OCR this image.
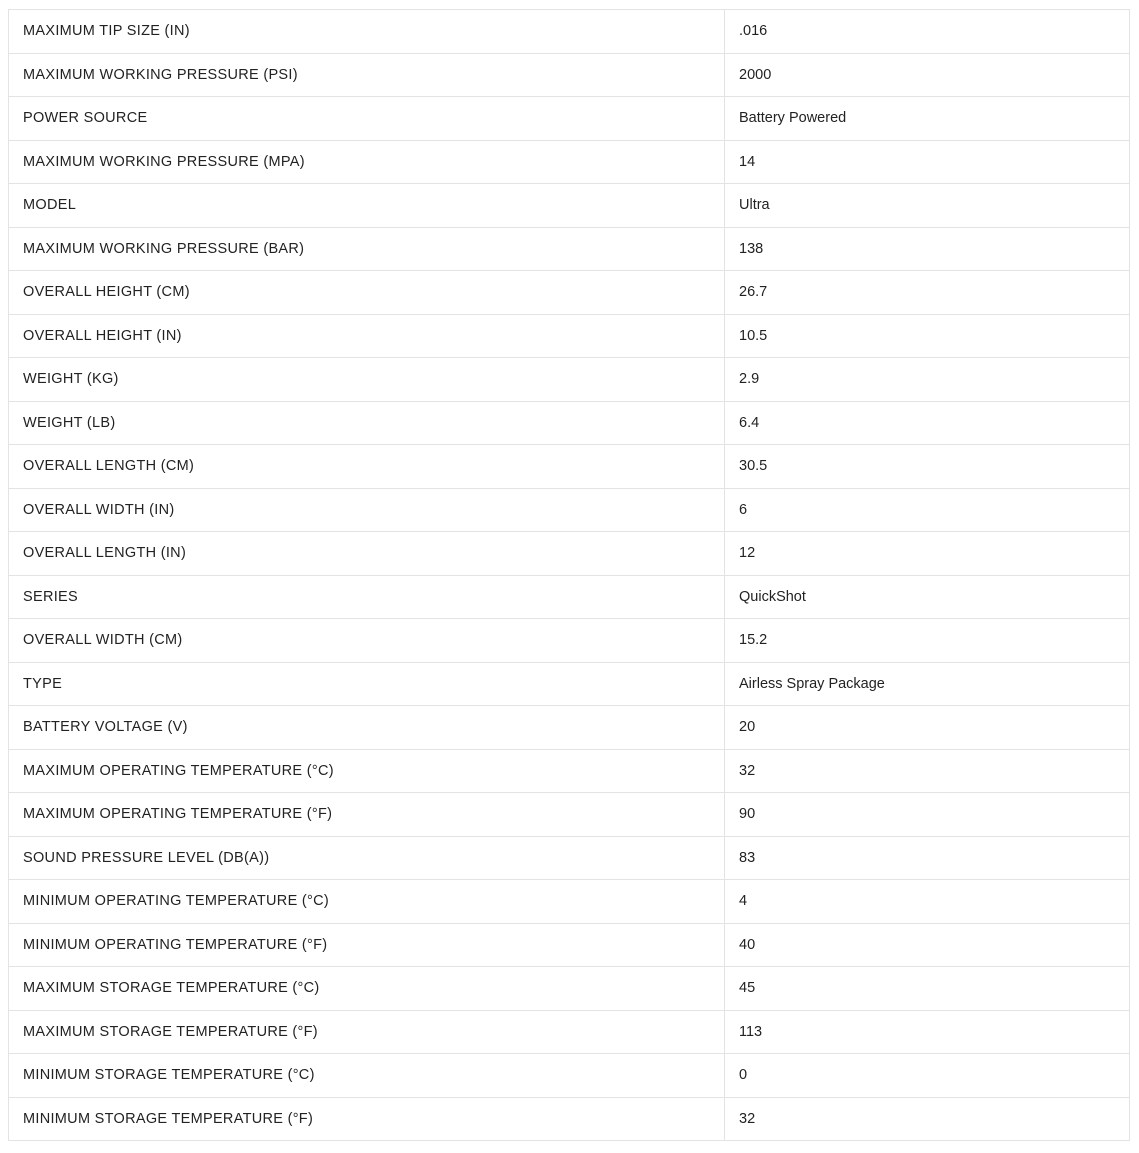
MAXIMUM TIP SIZE (IN)	.016
MAXIMUM WORKING PRESSURE (PSI)	2000
POWER SOURCE	Battery Powered
MAXIMUM WORKING PRESSURE (MPA)	14
MODEL	Ultra
MAXIMUM WORKING PRESSURE (BAR)	138
OVERALL HEIGHT (CM)	26.7
OVERALL HEIGHT (IN)	10.5
WEIGHT (KG)	2.9
WEIGHT (LB)	6.4
OVERALL LENGTH (CM)	30.5
OVERALL WIDTH (IN)	6
OVERALL LENGTH (IN)	12
SERIES	QuickShot
OVERALL WIDTH (CM)	15.2
TYPE	Airless Spray Package
BATTERY VOLTAGE (V)	20
MAXIMUM OPERATING TEMPERATURE (°C)	32
MAXIMUM OPERATING TEMPERATURE (°F)	90
SOUND PRESSURE LEVEL (DB(A))	83
MINIMUM OPERATING TEMPERATURE (°C)	4
MINIMUM OPERATING TEMPERATURE (°F)	40
MAXIMUM STORAGE TEMPERATURE (°C)	45
MAXIMUM STORAGE TEMPERATURE (°F)	113
MINIMUM STORAGE TEMPERATURE (°C)	0
MINIMUM STORAGE TEMPERATURE (°F)	32
